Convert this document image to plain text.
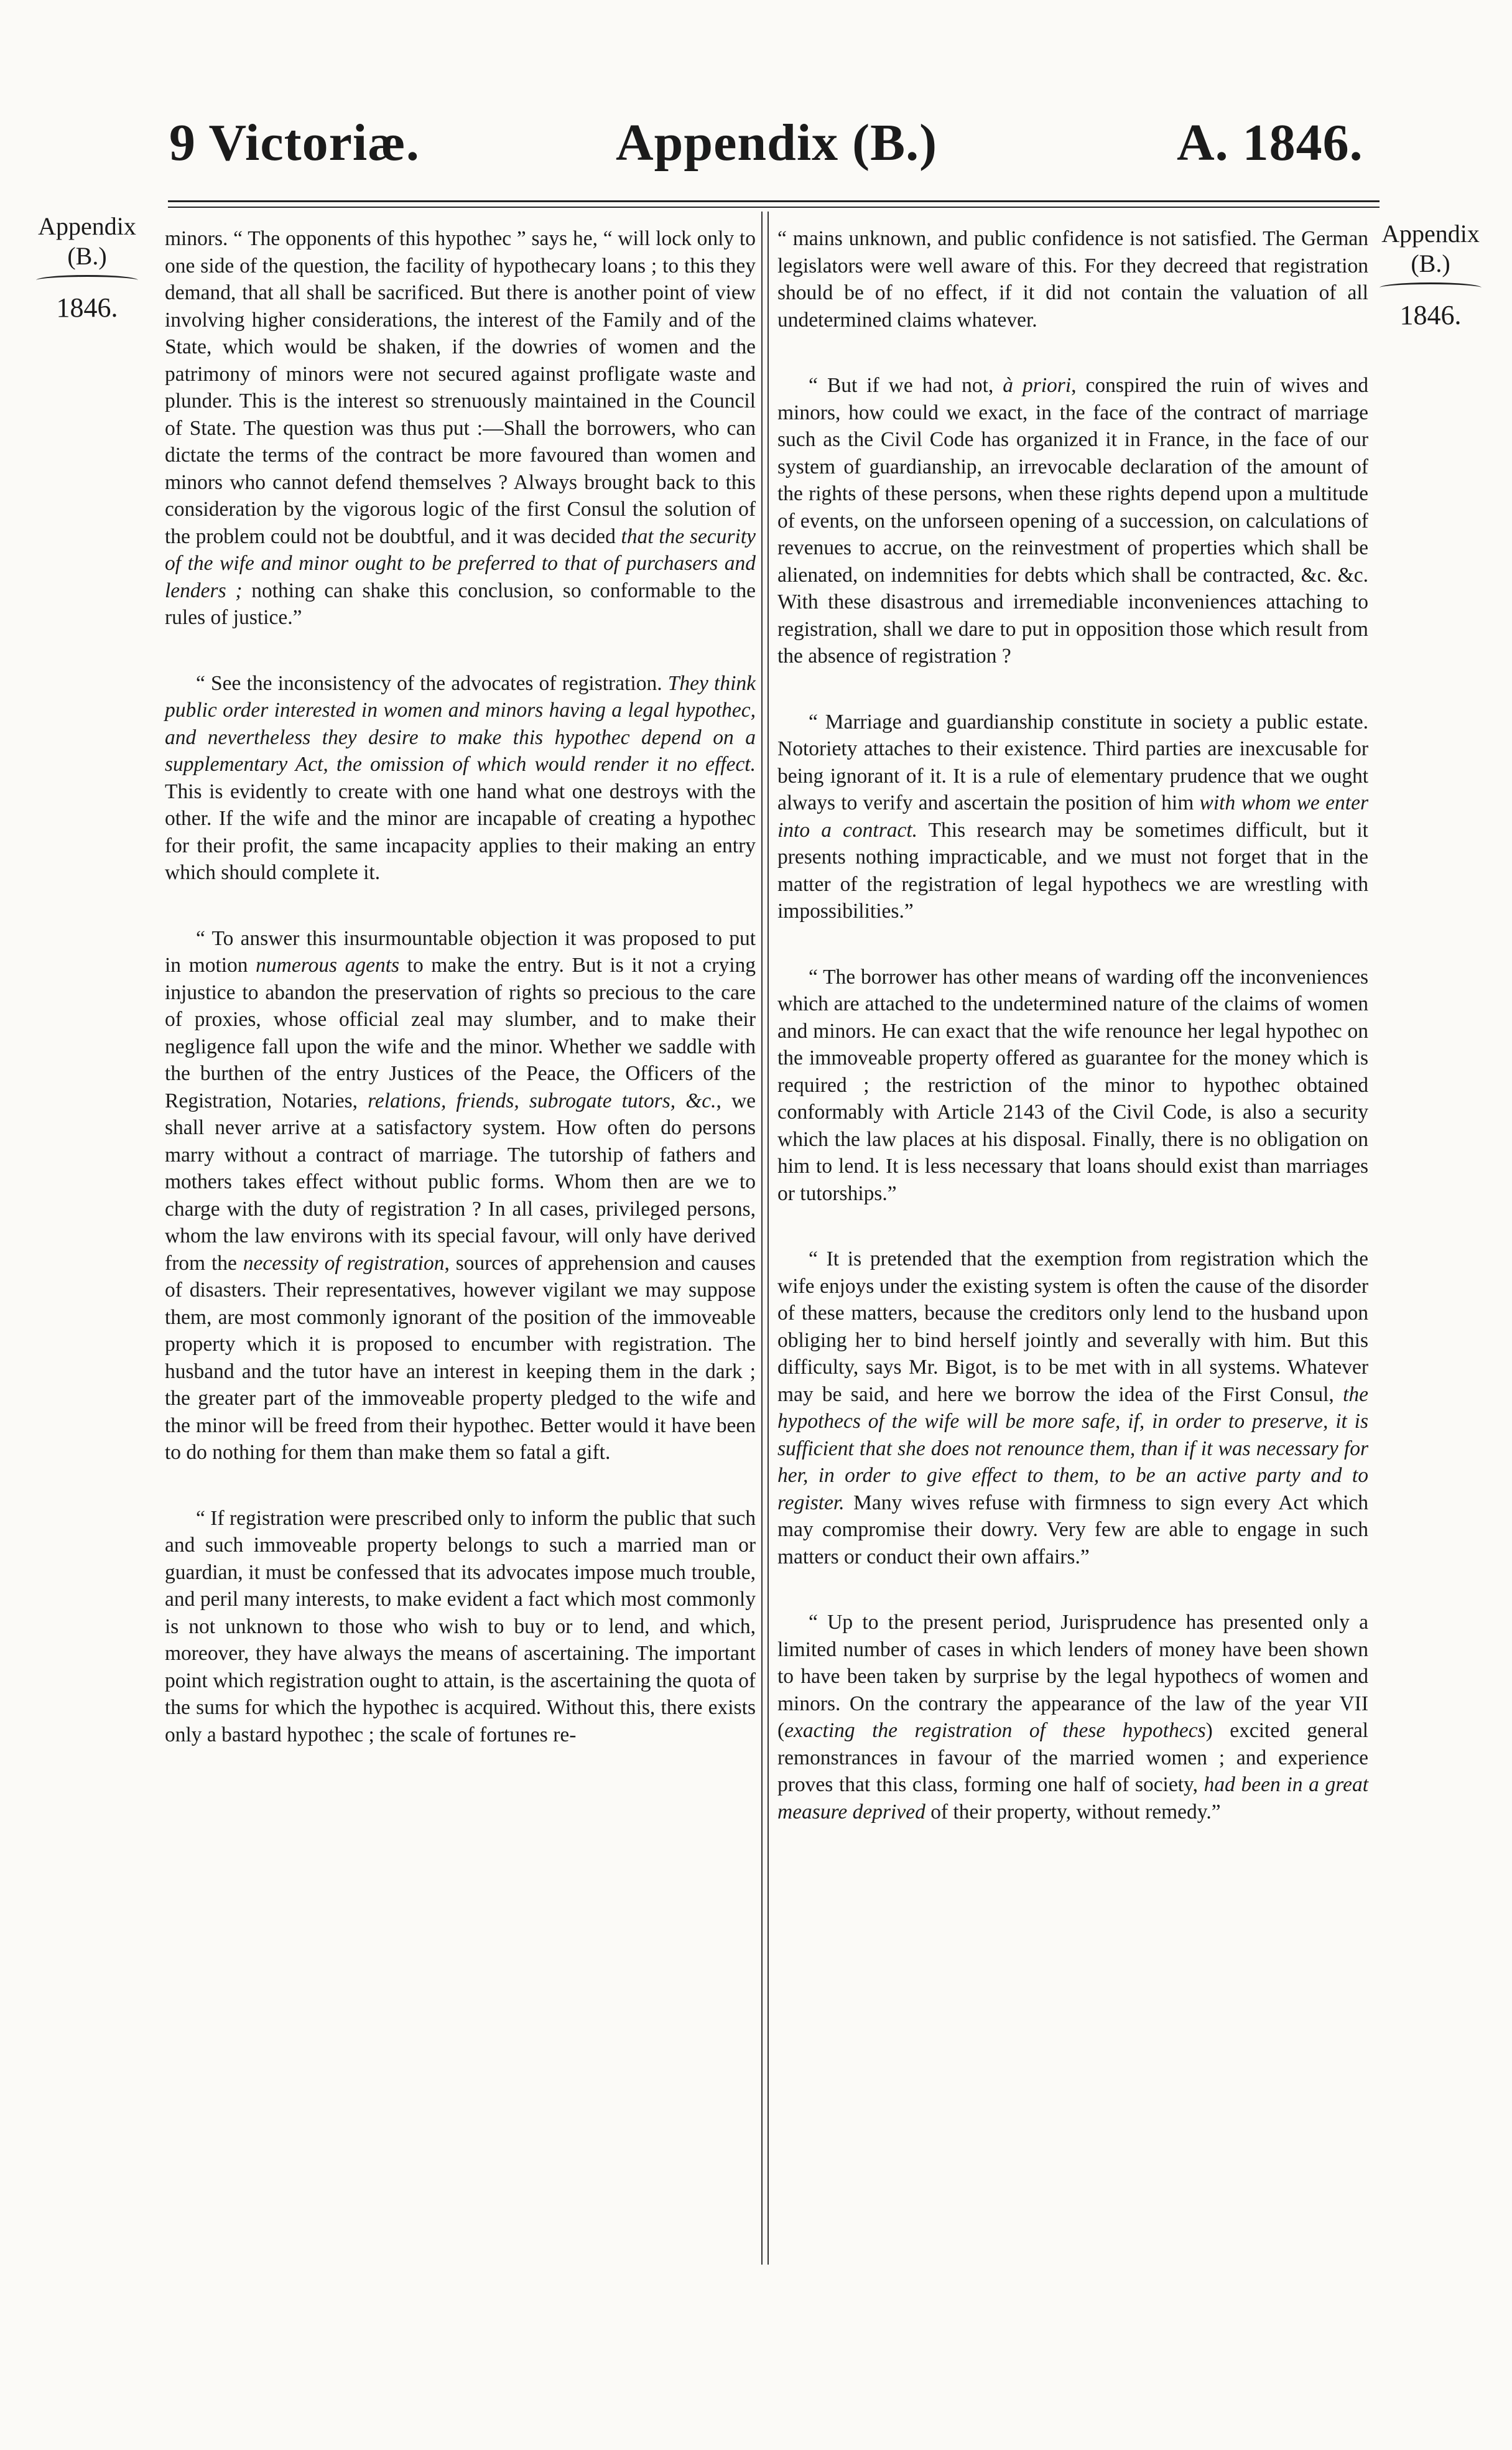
9 Victoriæ.	Appendix (B.)	A. 1846.
Appendix
(B.)
1846.
Appendix
(B.)
1846.

minors. “ The opponents of this hypothec ” says he, “ will lock only to one side of the question, the facility of hypothecary loans ; to this they demand, that all shall be sacrificed. But there is another point of view involving higher considerations, the interest of the Family and of the State, which would be shaken, if the dowries of women and the patrimony of minors were not secured against profligate waste and plunder. This is the interest so strenuously maintained in the Council of State. The question was thus put :—Shall the borrowers, who can dictate the terms of the contract be more favoured than women and minors who cannot defend themselves ? Always brought back to this consideration by the vigorous logic of the first Consul the solution of the problem could not be doubtful, and it was decided that the security of the wife and minor ought to be preferred to that of purchasers and lenders ; nothing can shake this conclusion, so conformable to the rules of justice.”

“ See the inconsistency of the advocates of registration. They think public order interested in women and minors having a legal hypothec, and nevertheless they desire to make this hypothec depend on a supplementary Act, the omission of which would render it no effect. This is evidently to create with one hand what one destroys with the other. If the wife and the minor are incapable of creating a hypothec for their profit, the same incapacity applies to their making an entry which should complete it.

“ To answer this insurmountable objection it was proposed to put in motion numerous agents to make the entry. But is it not a crying injustice to abandon the preservation of rights so precious to the care of proxies, whose official zeal may slumber, and to make their negligence fall upon the wife and the minor. Whether we saddle with the burthen of the entry Justices of the Peace, the Officers of the Registration, Notaries, relations, friends, subrogate tutors, &c., we shall never arrive at a satisfactory system. How often do persons marry without a contract of marriage. The tutorship of fathers and mothers takes effect without public forms. Whom then are we to charge with the duty of registration ? In all cases, privileged persons, whom the law environs with its special favour, will only have derived from the necessity of registration, sources of apprehension and causes of disasters. Their representatives, however vigilant we may suppose them, are most commonly ignorant of the position of the immoveable property which it is proposed to encumber with registration. The husband and the tutor have an interest in keeping them in the dark ; the greater part of the immoveable property pledged to the wife and the minor will be freed from their hypothec. Better would it have been to do nothing for them than make them so fatal a gift.

“ If registration were prescribed only to inform the public that such and such immoveable property belongs to such a married man or guardian, it must be confessed that its advocates impose much trouble, and peril many interests, to make evident a fact which most commonly is not unknown to those who wish to buy or to lend, and which, moreover, they have always the means of ascertaining. The important point which registration ought to attain, is the ascertaining the quota of the sums for which the hypothec is acquired. Without this, there exists only a bastard hypothec ; the scale of fortunes re-

“ mains unknown, and public confidence is not satisfied. The German legislators were well aware of this. For they decreed that registration should be of no effect, if it did not contain the valuation of all undetermined claims whatever.

“ But if we had not, à priori, conspired the ruin of wives and minors, how could we exact, in the face of the contract of marriage such as the Civil Code has organized it in France, in the face of our system of guardianship, an irrevocable declaration of the amount of the rights of these persons, when these rights depend upon a multitude of events, on the unforseen opening of a succession, on calculations of revenues to accrue, on the reinvestment of properties which shall be alienated, on indemnities for debts which shall be contracted, &c. &c. With these disastrous and irremediable inconveniences attaching to registration, shall we dare to put in opposition those which result from the absence of registration ?

“ Marriage and guardianship constitute in society a public estate. Notoriety attaches to their existence. Third parties are inexcusable for being ignorant of it. It is a rule of elementary prudence that we ought always to verify and ascertain the position of him with whom we enter into a contract. This research may be sometimes difficult, but it presents nothing impracticable, and we must not forget that in the matter of the registration of legal hypothecs we are wrestling with impossibilities.”

“ The borrower has other means of warding off the inconveniences which are attached to the undetermined nature of the claims of women and minors. He can exact that the wife renounce her legal hypothec on the immoveable property offered as guarantee for the money which is required ; the restriction of the minor to hypothec obtained conformably with Article 2143 of the Civil Code, is also a security which the law places at his disposal. Finally, there is no obligation on him to lend. It is less necessary that loans should exist than marriages or tutorships.”

“ It is pretended that the exemption from registration which the wife enjoys under the existing system is often the cause of the disorder of these matters, because the creditors only lend to the husband upon obliging her to bind herself jointly and severally with him. But this difficulty, says Mr. Bigot, is to be met with in all systems. Whatever may be said, and here we borrow the idea of the First Consul, the hypothecs of the wife will be more safe, if, in order to preserve, it is sufficient that she does not renounce them, than if it was necessary for her, in order to give effect to them, to be an active party and to register. Many wives refuse with firmness to sign every Act which may compromise their dowry. Very few are able to engage in such matters or conduct their own affairs.”

“ Up to the present period, Jurisprudence has presented only a limited number of cases in which lenders of money have been shown to have been taken by surprise by the legal hypothecs of women and minors. On the contrary the appearance of the law of the year VII (exacting the registration of these hypothecs) excited general remonstrances in favour of the married women ; and experience proves that this class, forming one half of society, had been in a great measure deprived of their property, without remedy.”
